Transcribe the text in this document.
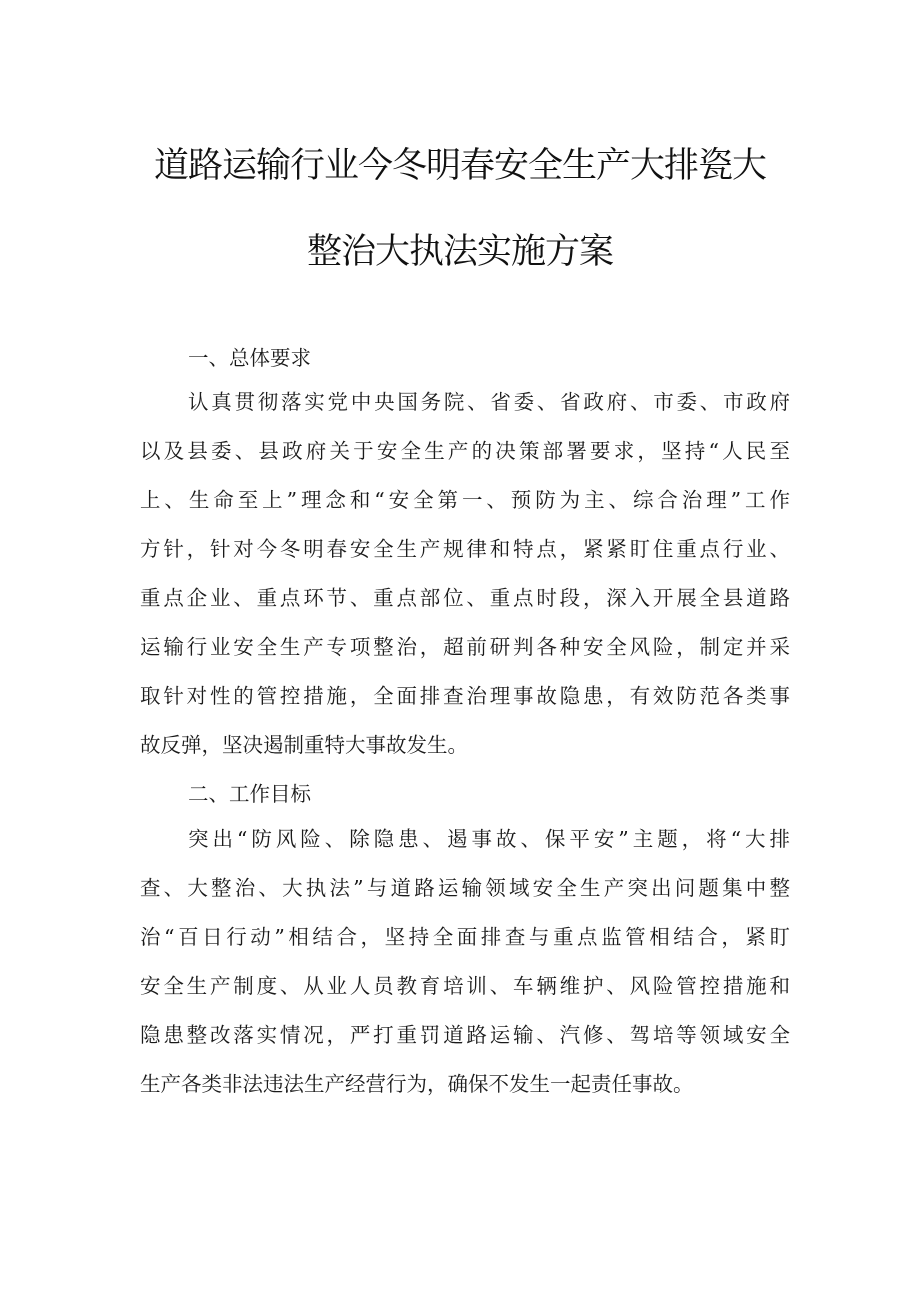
道路运输行业今冬明春安全生产大排瓷大
整治大执法实施方案
一、总体要求
认真贯彻落实党中央国务院、省委、省政府、市委、市政府
以及县委、县政府关于安全生产的决策部署要求，坚持“人民至
上、生命至上”理念和“安全第一、预防为主、综合治理”工作
方针，针对今冬明春安全生产规律和特点，紧紧盯住重点行业、
重点企业、重点环节、重点部位、重点时段，深入开展全县道路
运输行业安全生产专项整治，超前研判各种安全风险，制定并采
取针对性的管控措施，全面排查治理事故隐患，有效防范各类事
故反弹，坚决遏制重特大事故发生。
二、工作目标
突出“防风险、除隐患、遏事故、保平安”主题，将“大排
查、大整治、大执法”与道路运输领域安全生产突出问题集中整
治“百日行动”相结合，坚持全面排查与重点监管相结合，紧盯
安全生产制度、从业人员教育培训、车辆维护、风险管控措施和
隐患整改落实情况，严打重罚道路运输、汽修、驾培等领域安全
生产各类非法违法生产经营行为，确保不发生一起责任事故。
